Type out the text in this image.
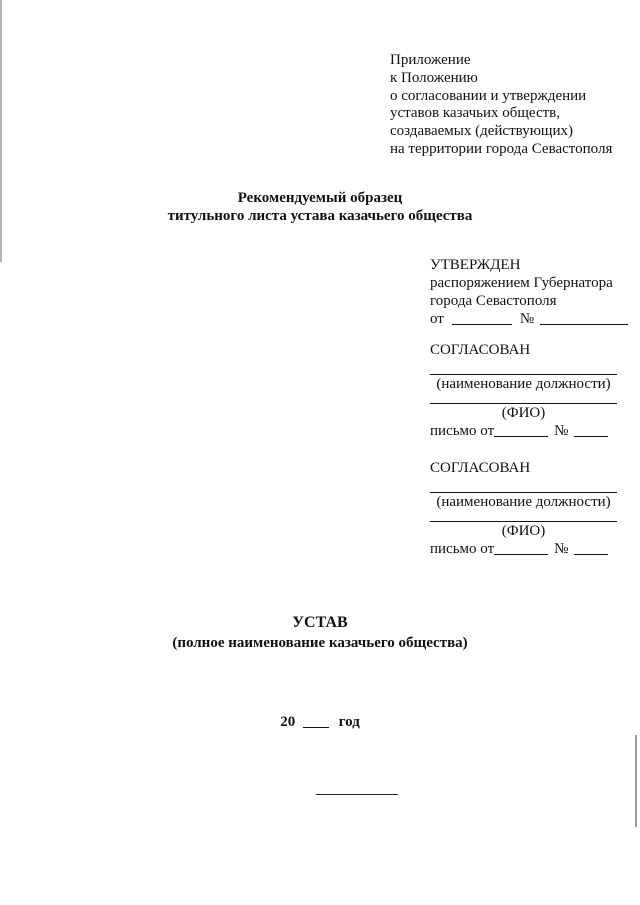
Приложение
к Положению
о согласовании и утверждении
уставов казачьих обществ,
создаваемых (действующих)
на территории города Севастополя
Рекомендуемый образец
титульного листа устава казачьего общества
УТВЕРЖДЕН
распоряжением Губернатора
города Севастополя
от	№
СОГЛАСОВАН
(наименование должности)
(ФИО)
письмо от	№
СОГЛАСОВАН
(наименование должности)
(ФИО)
письмо от	№
УСТАВ
(полное наименование казачьего общества)
20	год
